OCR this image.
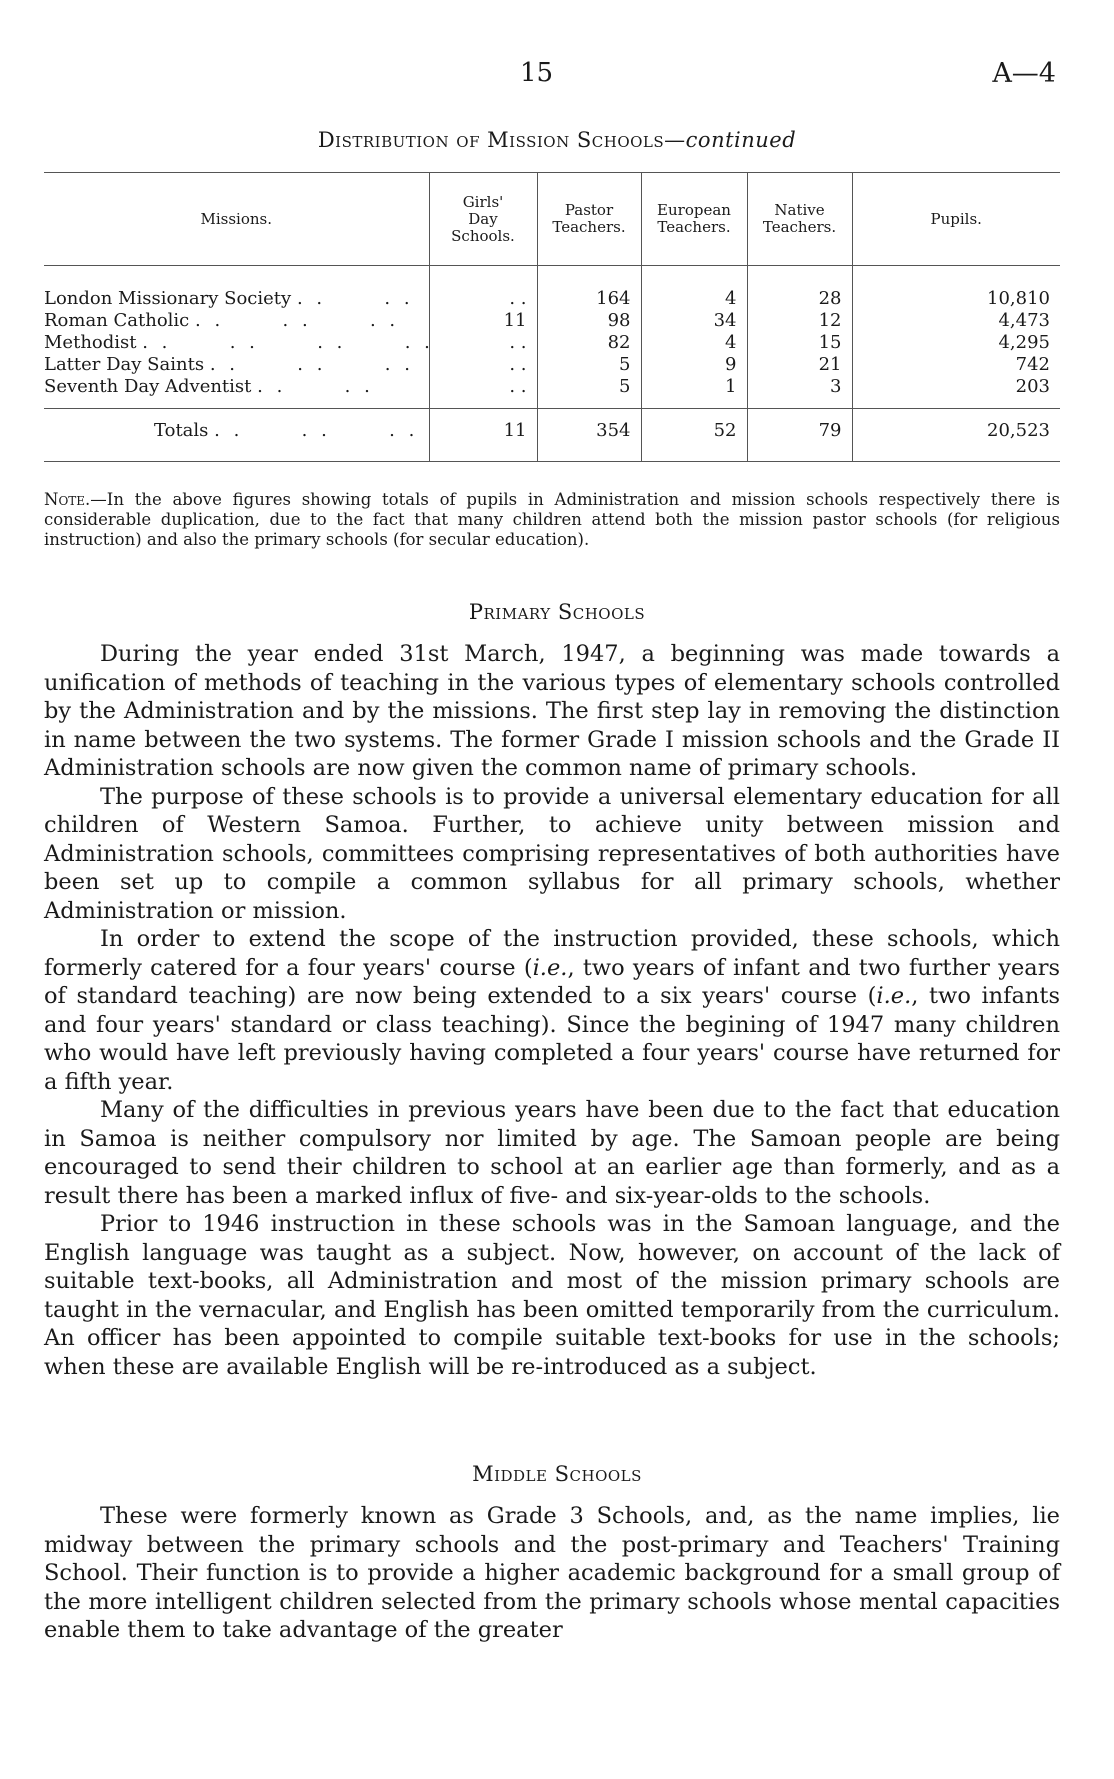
15	A—4
Distribution of Mission Schools—continued
Missions.	Girls' Day Schools.	Pastor Teachers.	European Teachers.	Native Teachers.	Pupils.
London Missionary Society . .      . .	. .	164	4	28	10,810
Roman Catholic . .      . .      . .	11	98	34	12	4,473
Methodist . .      . .      . .      . .	. .	82	4	15	4,295
Latter Day Saints . .      . .      . .	. .	5	9	21	742
Seventh Day Adventist . .      . .	. .	5	1	3	203
Totals . .      . .      . .	11	354	52	79	20,523
Note.—In the above figures showing totals of pupils in Administration and mission schools respectively there is considerable duplication, due to the fact that many children attend both the mission pastor schools (for religious instruction) and also the primary schools (for secular education).
Primary Schools

During the year ended 31st March, 1947, a beginning was made towards a unification of methods of teaching in the various types of elementary schools controlled by the Administration and by the missions. The first step lay in removing the distinction in name between the two systems. The former Grade I mission schools and the Grade II Administration schools are now given the common name of primary schools.

The purpose of these schools is to provide a universal elementary education for all children of Western Samoa. Further, to achieve unity between mission and Administration schools, committees comprising representatives of both authorities have been set up to compile a common syllabus for all primary schools, whether Administration or mission.

In order to extend the scope of the instruction provided, these schools, which formerly catered for a four years' course (i.e., two years of infant and two further years of standard teaching) are now being extended to a six years' course (i.e., two infants and four years' standard or class teaching). Since the begining of 1947 many children who would have left previously having completed a four years' course have returned for a fifth year.

Many of the difficulties in previous years have been due to the fact that education in Samoa is neither compulsory nor limited by age. The Samoan people are being encouraged to send their children to school at an earlier age than formerly, and as a result there has been a marked influx of five- and six-year-olds to the schools.

Prior to 1946 instruction in these schools was in the Samoan language, and the English language was taught as a subject. Now, however, on account of the lack of suitable text-books, all Administration and most of the mission primary schools are taught in the vernacular, and English has been omitted temporarily from the curriculum. An officer has been appointed to compile suitable text-books for use in the schools; when these are available English will be re-introduced as a subject.

Middle Schools

These were formerly known as Grade 3 Schools, and, as the name implies, lie midway between the primary schools and the post-primary and Teachers' Training School. Their function is to provide a higher academic background for a small group of the more intelligent children selected from the primary schools whose mental capacities enable them to take advantage of the greater
